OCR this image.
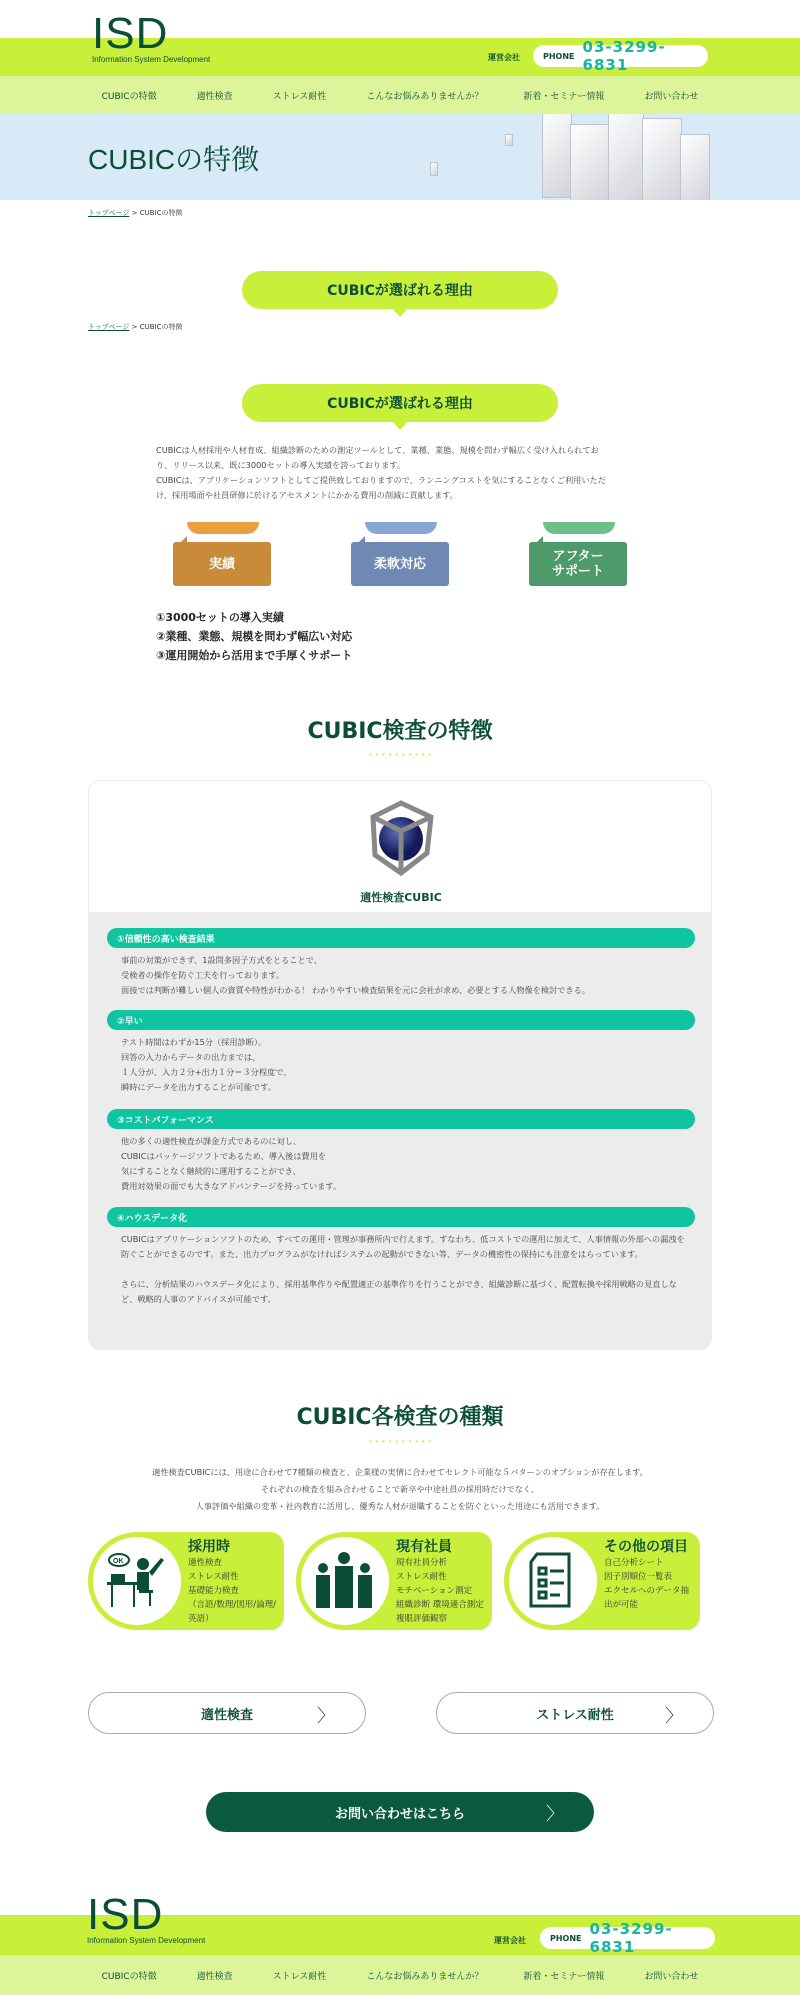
CUBICの特徴	適性検査	ストレス耐性	こんなお悩みありませんか？	新着・セミナー情報	お問い合わせ
ISD
Information System Development	運営会社	PHONE 03-3299-6831
CUBICの特徴
トップページ > CUBICの特徴
CUBICが選ばれる理由
トップページ > CUBICの特徴
CUBICが選ばれる理由
CUBICは人材採用や人材育成、組織診断のための測定ツールとして、業種、業態、規模を問わず幅広く受け入れられてお
り、リリース以来、既に3000セットの導入実績を誇っております。
CUBICは、アプリケーションソフトとしてご提供致しておりますので、ランニングコストを気にすることなくご利用いただ
け、採用場面や社員研修に於けるアセスメントにかかる費用の削減に貢献します。
実績	柔軟対応	アフター
サポート
①3000セットの導入実績
②業種、業態、規模を問わず幅広い対応
③運用開始から活用まで手厚くサポート
CUBIC検査の特徴
適性検査CUBIC
①信頼性の高い検査結果
事前の対策ができず、1設問多因子方式をとることで、
受検者の操作を防ぐ工夫を行っております。
面接では判断が難しい個人の資質や特性がわかる！ わかりやすい検査結果を元に会社が求め、必要とする人物像を検討できる。
②早い
テスト時間はわずか15分（採用診断）。
回答の入力からデータの出力までは、
１人分が、入力２分+出力１分＝３分程度で、
瞬時にデータを出力することが可能です。
③コストパフォーマンス
他の多くの適性検査が課金方式であるのに対し、
CUBICはパッケージソフトであるため、導入後は費用を
気にすることなく継続的に運用することができ、
費用対効果の面でも大きなアドバンテージを持っています。
④ハウスデータ化
CUBICはアプリケーションソフトのため、すべての運用・管理が事務所内で行えます。すなわち、低コストでの運用に加えて、人事情報の外部への漏洩を防ぐことができるのです。また、出力プログラムがなければシステムの起動ができない等、データの機密性の保持にも注意をはらっています。
さらに、分析結果のハウスデータ化により、採用基準作りや配置適正の基準作りを行うことができ、組織診断に基づく、配置転換や採用戦略の見直しなど、戦略的人事のアドバイスが可能です。
CUBIC各検査の種類
適性検査CUBICには、用途に合わせて7種類の検査と、企業様の実情に合わせてセレクト可能な５パターンのオプションが存在します。
それぞれの検査を組み合わせることで新卒や中途社員の採用時だけでなく、
人事評価や組織の変革・社内教育に活用し、優秀な人材が退職することを防ぐといった用途にも活用できます。
OK
採用時
適性検査
ストレス耐性
基礎能力検査
（言語/数理/図形/論理/
英語）
現有社員
現有社員分析
ストレス耐性
モチベーション測定
組織診断 環境適合測定
複眼評価観察
その他の項目
自己分析シート
因子別順位一覧表
エクセルへのデータ抽
出が可能
適性検査	〉	ストレス耐性	〉
お問い合わせはこちら	〉
CUBICの特徴	適性検査	ストレス耐性	こんなお悩みありませんか？	新着・セミナー情報	お問い合わせ
ISD
Information System Development	運営会社	PHONE 03-3299-6831
